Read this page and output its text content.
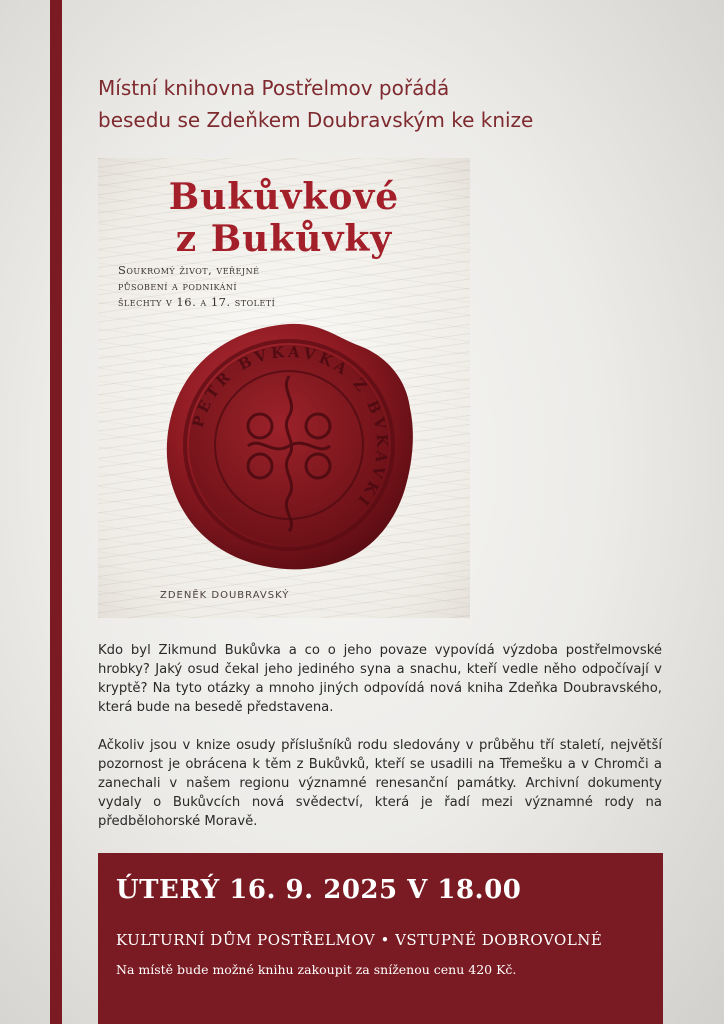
Místní knihovna Postřelmov pořádá
besedu se Zdeňkem Doubravským ke knize
Bukůvkové
z Bukůvky
Soukromý život, veřejné
působení a podnikání
šlechty v 16. a 17. století
PETR BVKAVKA Z BVKAVKI
ZDENĚK DOUBRAVSKÝ

Kdo byl Zikmund Bukůvka a co o jeho povaze vypovídá výzdoba postřelmovské hrobky? Jaký osud čekal jeho jediného syna a snachu, kteří vedle něho odpočívají v kryptě? Na tyto otázky a mnoho jiných odpovídá nová kniha Zdeňka Doubravského, která bude na besedě představena.

Ačkoliv jsou v knize osudy příslušníků rodu sledovány v průběhu tří staletí, největší pozornost je obrácena k těm z Bukůvků, kteří se usadili na Třemešku a v Chromči a zanechali v našem regionu významné renesanční památky. Archivní dokumenty vydaly o Bukůvcích nová svědectví, která je řadí mezi významné rody na předbělohorské Moravě.

ÚTERÝ 16. 9. 2025 V 18.00
KULTURNÍ DŮM POSTŘELMOV • VSTUPNÉ DOBROVOLNÉ
Na místě bude možné knihu zakoupit za sníženou cenu 420 Kč.
